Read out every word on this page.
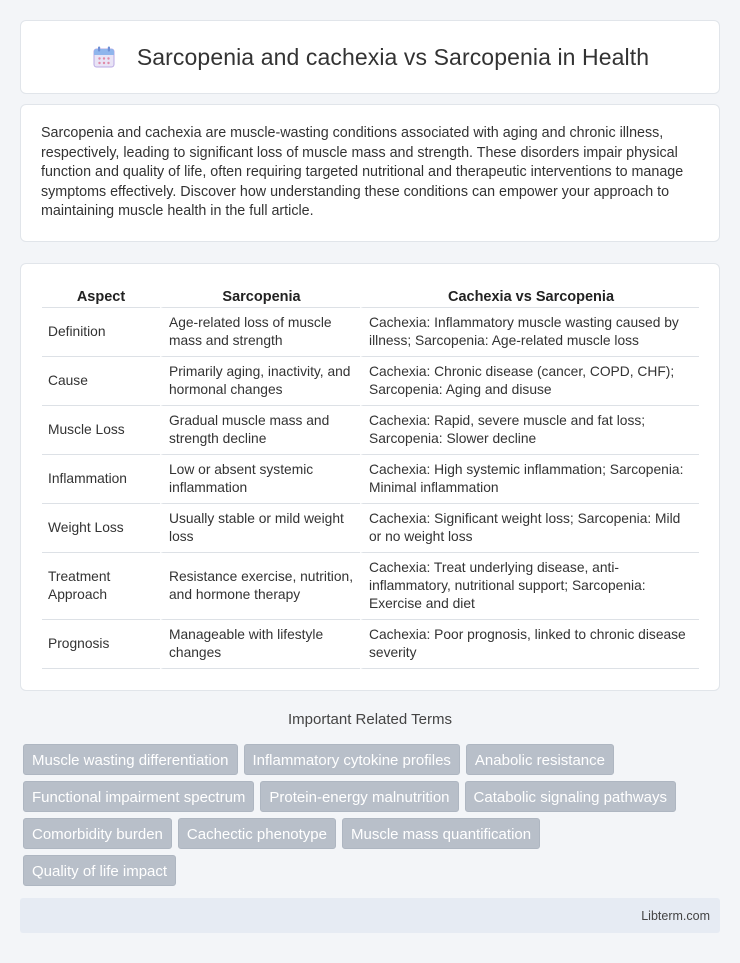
Sarcopenia and cachexia vs Sarcopenia in Health

Sarcopenia and cachexia are muscle-wasting conditions associated with aging and chronic illness, respectively, leading to significant loss of muscle mass and strength. These disorders impair physical function and quality of life, often requiring targeted nutritional and therapeutic interventions to manage symptoms effectively. Discover how understanding these conditions can empower your approach to maintaining muscle health in the full article.

Aspect	Sarcopenia	Cachexia vs Sarcopenia
Definition	Age-related loss of muscle mass and strength	Cachexia: Inflammatory muscle wasting caused by illness; Sarcopenia: Age-related muscle loss
Cause	Primarily aging, inactivity, and hormonal changes	Cachexia: Chronic disease (cancer, COPD, CHF); Sarcopenia: Aging and disuse
Muscle Loss	Gradual muscle mass and strength decline	Cachexia: Rapid, severe muscle and fat loss; Sarcopenia: Slower decline
Inflammation	Low or absent systemic inflammation	Cachexia: High systemic inflammation; Sarcopenia: Minimal inflammation
Weight Loss	Usually stable or mild weight loss	Cachexia: Significant weight loss; Sarcopenia: Mild or no weight loss
Treatment Approach	Resistance exercise, nutrition, and hormone therapy	Cachexia: Treat underlying disease, anti-inflammatory, nutritional support; Sarcopenia: Exercise and diet
Prognosis	Manageable with lifestyle changes	Cachexia: Poor prognosis, linked to chronic disease severity
Important Related Terms
Muscle wasting differentiation	Inflammatory cytokine profiles	Anabolic resistance
Functional impairment spectrum	Protein-energy malnutrition	Catabolic signaling pathways
Comorbidity burden	Cachectic phenotype	Muscle mass quantification
Quality of life impact
Libterm.com
